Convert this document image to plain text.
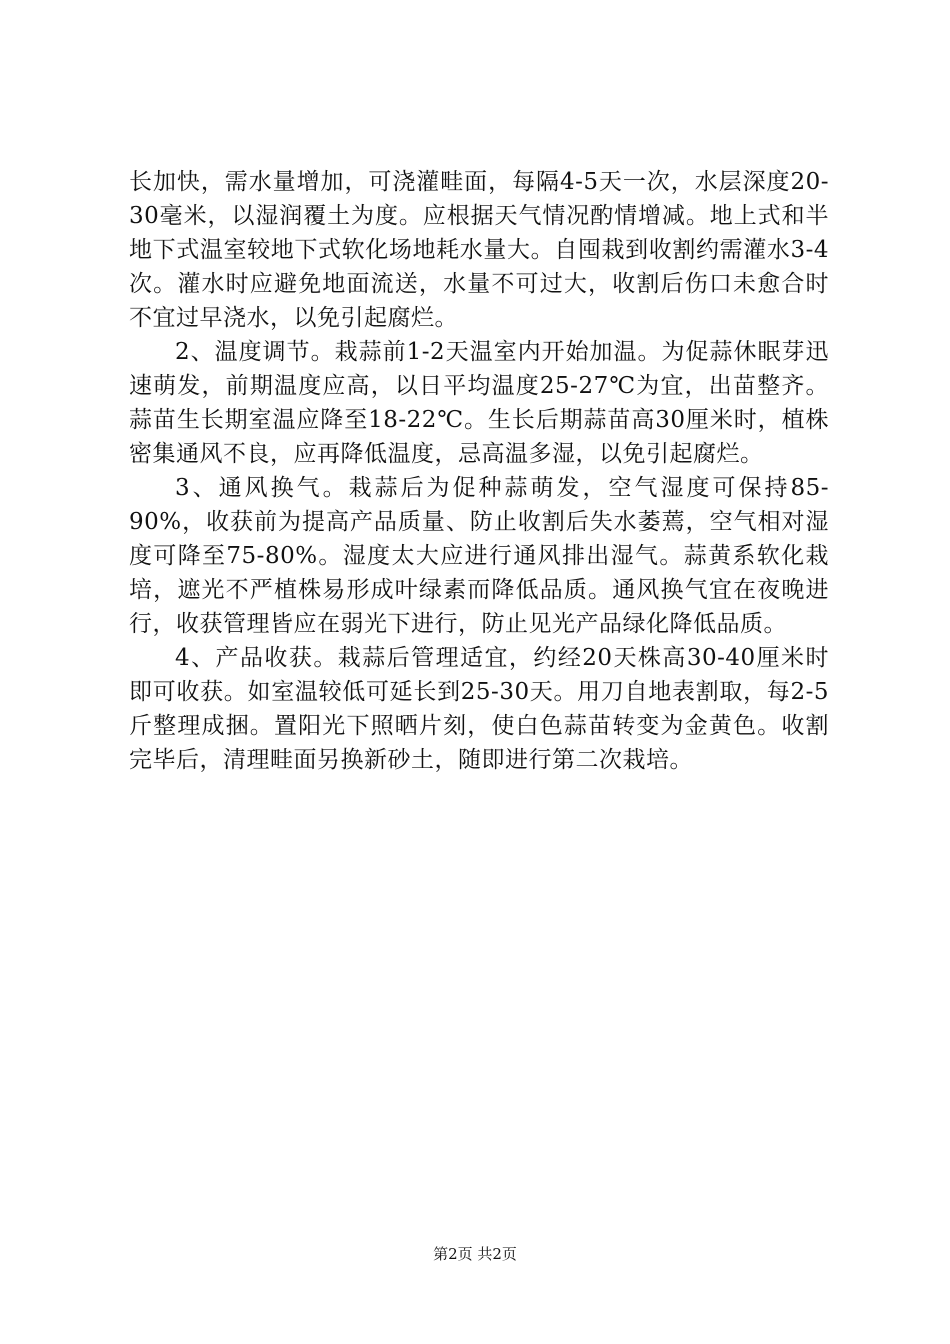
长加快，需水量增加，可浇灌畦面，每隔4-5天一次，水层深度20-30毫米，以湿润覆土为度。应根据天气情况酌情增减。地上式和半地下式温室较地下式软化场地耗水量大。自囤栽到收割约需灌水3-4次。灌水时应避免地面流送，水量不可过大，收割后伤口未愈合时不宜过早浇水，以免引起腐烂。

2、温度调节。栽蒜前1-2天温室内开始加温。为促蒜休眠芽迅速萌发，前期温度应高，以日平均温度25-27℃为宜，出苗整齐。蒜苗生长期室温应降至18-22℃。生长后期蒜苗高30厘米时，植株密集通风不良，应再降低温度，忌高温多湿，以免引起腐烂。

3、通风换气。栽蒜后为促种蒜萌发，空气湿度可保持85-90%，收获前为提高产品质量、防止收割后失水萎蔫，空气相对湿度可降至75-80%。湿度太大应进行通风排出湿气。蒜黄系软化栽培，遮光不严植株易形成叶绿素而降低品质。通风换气宜在夜晚进行，收获管理皆应在弱光下进行，防止见光产品绿化降低品质。

4、产品收获。栽蒜后管理适宜，约经20天株高30-40厘米时即可收获。如室温较低可延长到25-30天。用刀自地表割取，每2-5斤整理成捆。置阳光下照晒片刻，使白色蒜苗转变为金黄色。收割完毕后，清理畦面另换新砂土，随即进行第二次栽培。

第2页 共2页
